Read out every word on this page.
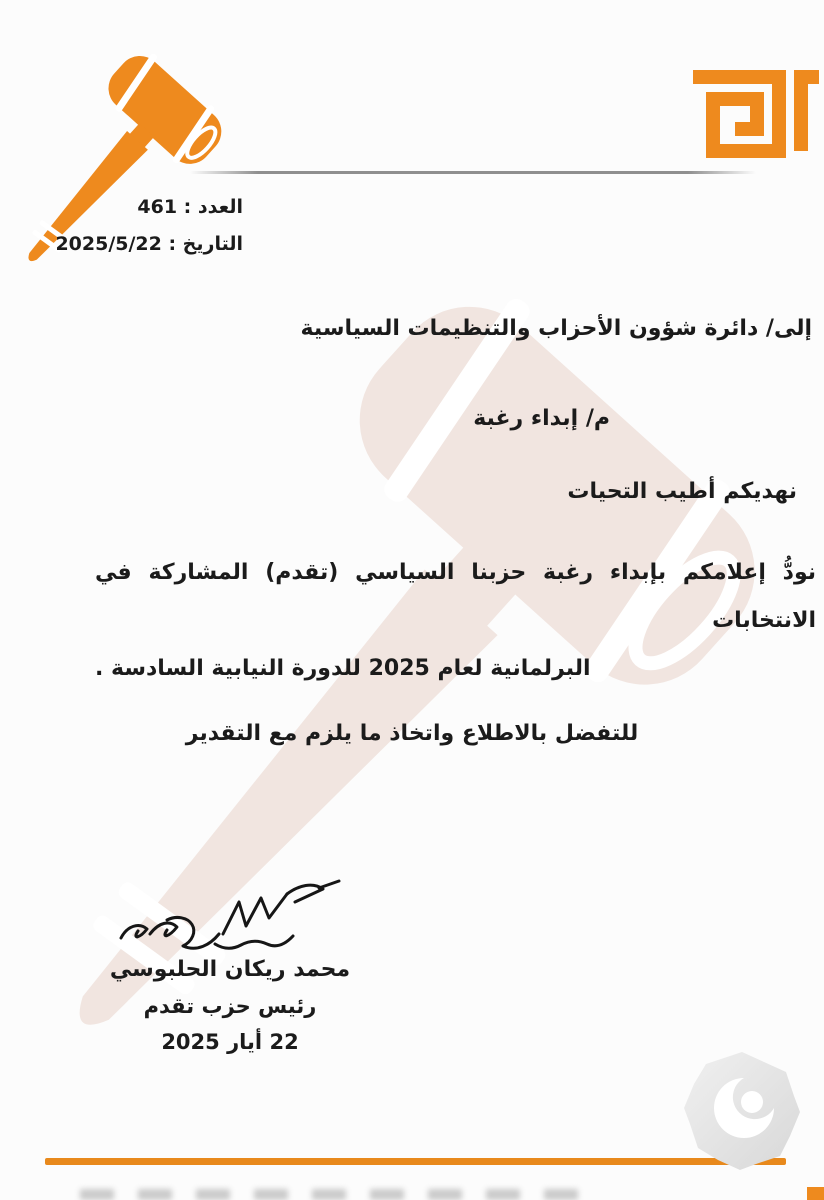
العدد : 461
التاريخ : 2025/5/22
إلى/ دائرة شؤون الأحزاب والتنظيمات السياسية
م/ إبداء رغبة
نهديكم أطيب التحيات
نودُّ إعلامكم بإبداء رغبة حزبنا السياسي (تقدم) المشاركة في الانتخابات
البرلمانية لعام 2025 للدورة النيابية السادسة .
للتفضل بالاطلاع واتخاذ ما يلزم مع التقدير
محمد ريكان الحلبوسي
رئيس حزب تقدم
22 أيار 2025
